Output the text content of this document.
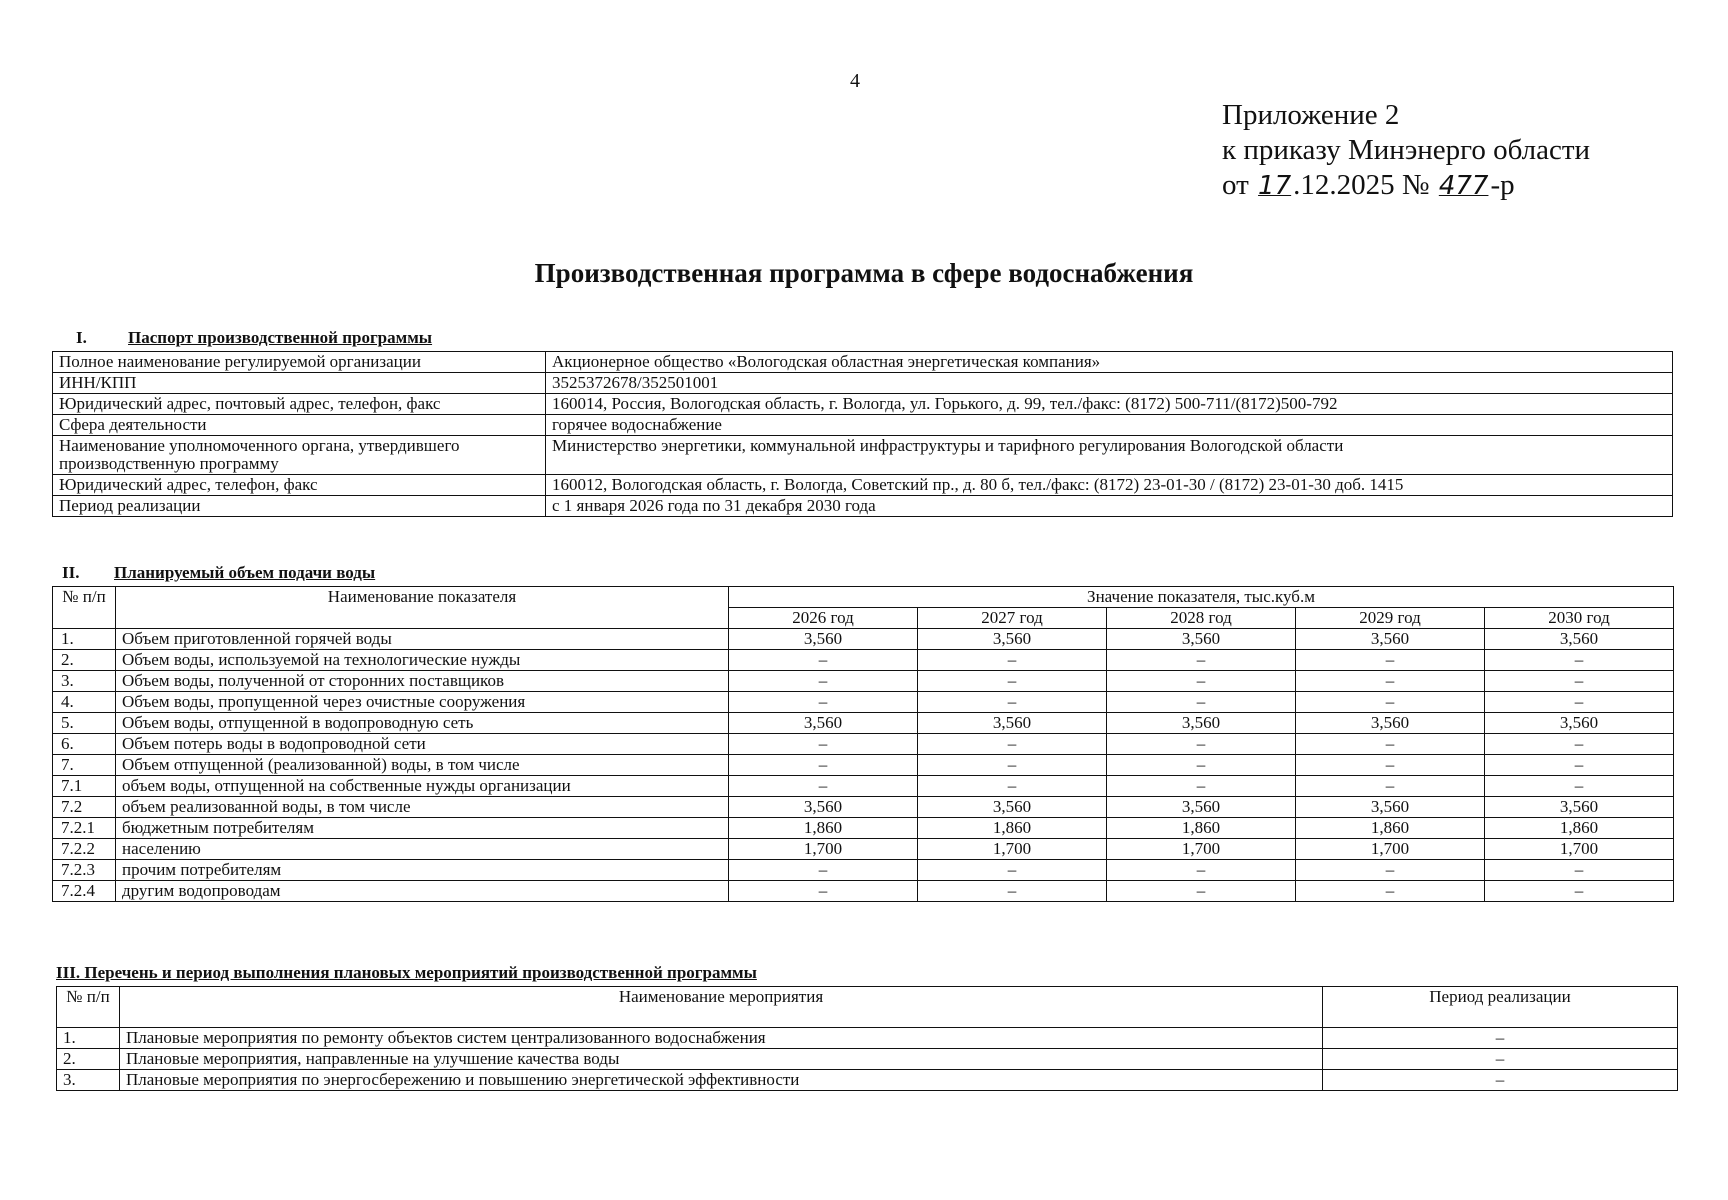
4
Приложение 2
к приказу Минэнерго области
от 17.12.2025 № 477-р
Производственная программа в сфере водоснабжения
I. Паспорт производственной программы
Полное наименование регулируемой организации	Акционерное общество «Вологодская областная энергетическая компания»
ИНН/КПП	3525372678/352501001
Юридический адрес, почтовый адрес, телефон, факс	160014, Россия, Вологодская область, г. Вологда, ул. Горького, д. 99, тел./факс: (8172) 500-711/(8172)500-792
Сфера деятельности	горячее водоснабжение
Наименование уполномоченного органа, утвердившего производственную программу	Министерство энергетики, коммунальной инфраструктуры и тарифного регулирования Вологодской области
Юридический адрес, телефон, факс	160012, Вологодская область, г. Вологда, Советский пр., д. 80 б, тел./факс: (8172) 23-01-30 / (8172) 23-01-30 доб. 1415
Период реализации	с 1 января 2026 года по 31 декабря 2030 года
II. Планируемый объем подачи воды
№ п/п	Наименование показателя	Значение показателя, тыс.куб.м				
		2026 год	2027 год	2028 год	2029 год	2030 год
1.	Объем приготовленной горячей воды	3,560	3,560	3,560	3,560	3,560
2.	Объем воды, используемой на технологические нужды	–	–	–	–	–
3.	Объем воды, полученной от сторонних поставщиков	–	–	–	–	–
4.	Объем воды, пропущенной через очистные сооружения	–	–	–	–	–
5.	Объем воды, отпущенной в водопроводную сеть	3,560	3,560	3,560	3,560	3,560
6.	Объем потерь воды в водопроводной сети	–	–	–	–	–
7.	Объем отпущенной (реализованной) воды, в том числе	–	–	–	–	–
7.1	объем воды, отпущенной на собственные нужды организации	–	–	–	–	–
7.2	объем реализованной воды, в том числе	3,560	3,560	3,560	3,560	3,560
7.2.1	бюджетным потребителям	1,860	1,860	1,860	1,860	1,860
7.2.2	населению	1,700	1,700	1,700	1,700	1,700
7.2.3	прочим потребителям	–	–	–	–	–
7.2.4	другим водопроводам	–	–	–	–	–
III. Перечень и период выполнения плановых мероприятий производственной программы
№ п/п	Наименование мероприятия	Период реализации
1.	Плановые мероприятия по ремонту объектов систем централизованного водоснабжения	–
2.	Плановые мероприятия, направленные на улучшение качества воды	–
3.	Плановые мероприятия по энергосбережению и повышению энергетической эффективности	–
